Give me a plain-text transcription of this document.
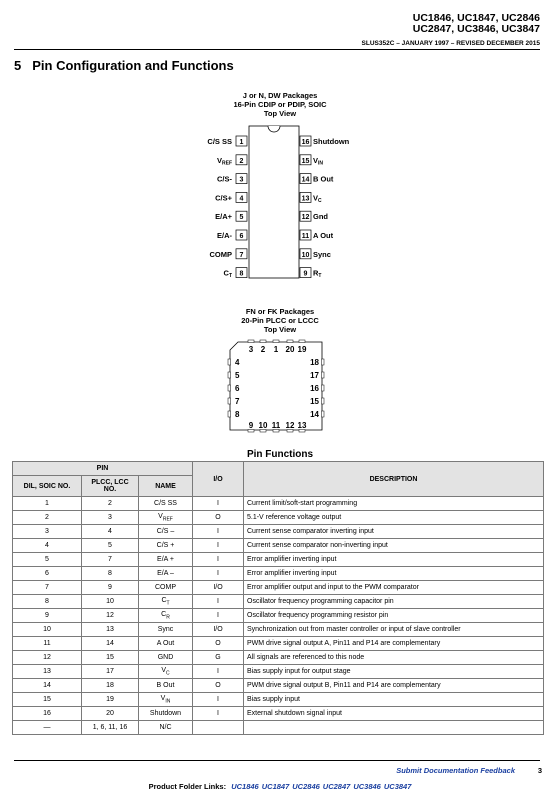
UC1846, UC1847, UC2846
UC2847, UC3846, UC3847
SLUS352C – JANUARY 1997 – REVISED DECEMBER 2015
5 Pin Configuration and Functions
J or N, DW Packages
16-Pin CDIP or PDIP, SOIC
Top View
1
C/S SS
2
$V_{REF}$
3
C/S-
4
C/S+
5
E/A+
6
E/A-
7
COMP
8
$C_T$
16 Shutdown
15 $V_{IN}$
14 B Out
13 $V_C$
12 Gnd
11 A Out
10 Sync
9 $R_T$
FN or FK Packages
20-Pin PLCC or LCCC
Top View
3 2 1 20 19
9 10 11 12 13
4
5
6
7
8
18
17
16
15
14
Pin Functions
PIN			I/O	DESCRIPTION
DIL, SOIC NO.	PLCC, LCC NO.	NAME		
1	2	C/S SS	I	Current limit/soft-start programming
2	3	$V_{REF}$	O	5.1-V reference voltage output
3	4	C/S –	I	Current sense comparator inverting input
4	5	C/S +	I	Current sense comparator non-inverting input
5	7	E/A +	I	Error amplifier inverting input
6	8	E/A –	I	Error amplifier inverting input
7	9	COMP	I/O	Error amplifier output and input to the PWM comparator
8	10	$C_T$	I	Oscillator frequency programming capacitor pin
9	12	$C_R$	I	Oscillator frequency programming resistor pin
10	13	Sync	I/O	Synchronization out from master controller or input of slave controller
11	14	A Out	O	PWM drive signal output A, Pin11 and P14 are complementary
12	15	GND	G	All signals are referenced to this node
13	17	$V_C$	I	Bias supply input for output stage
14	18	B Out	O	PWM drive signal output B, Pin11 and P14 are complementary
15	19	$V_{IN}$	I	Bias supply input
16	20	Shutdown	I	External shutdown signal input
—	1, 6, 11, 16	N/C		
Submit Documentation Feedback	3
Product Folder Links: UC1846 UC1847 UC2846 UC2847 UC3846 UC3847
